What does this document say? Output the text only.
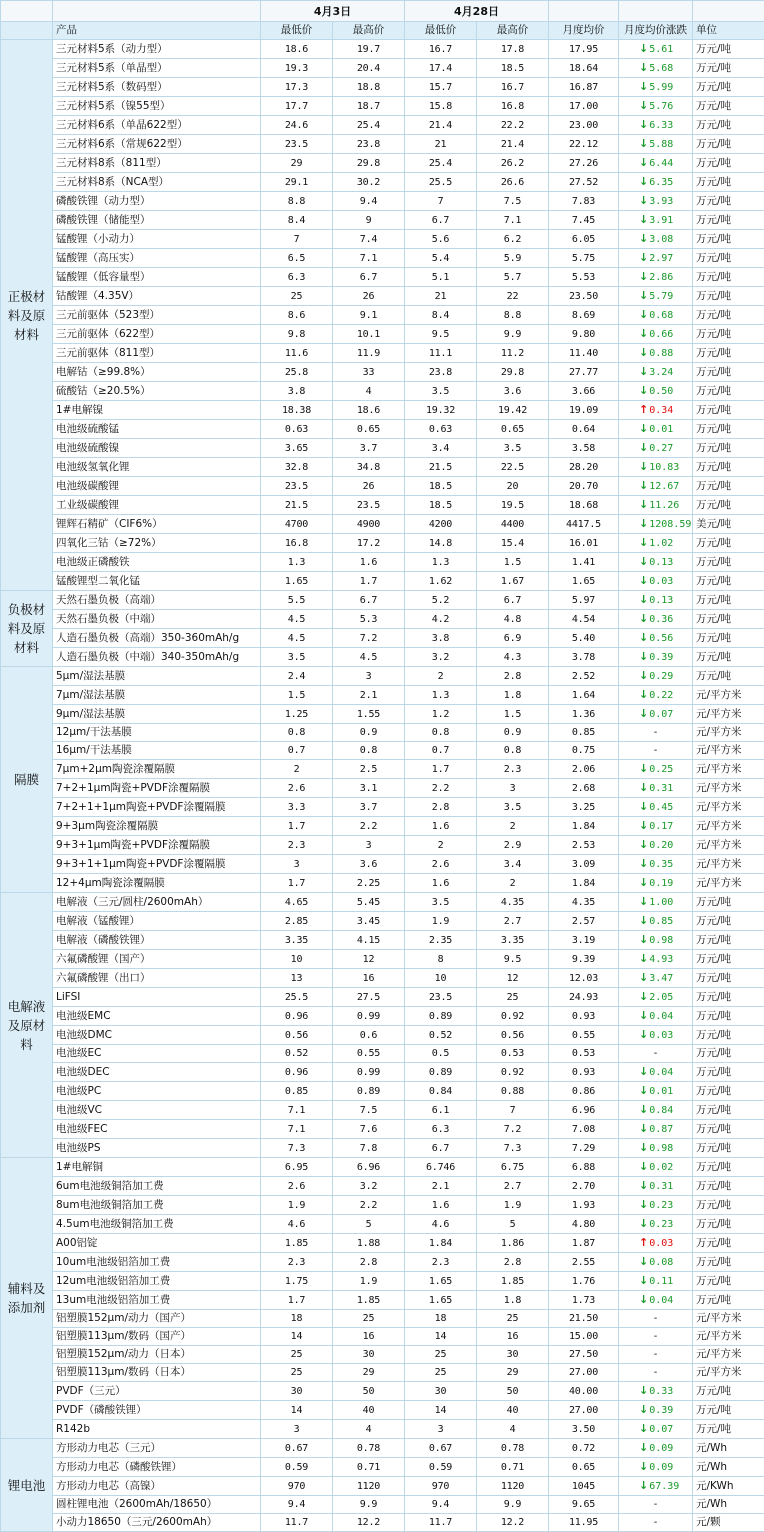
		4月3日		4月28日				
	产品	最低价	最高价	最低价	最高价	月度均价	月度均价涨跌	单位
正极材料及原材料	三元材料5系（动力型）	18.6	19.7	16.7	17.8	17.95	↓5.61	万元/吨
	三元材料5系（单晶型）	19.3	20.4	17.4	18.5	18.64	↓5.68	万元/吨
	三元材料5系（数码型）	17.3	18.8	15.7	16.7	16.87	↓5.99	万元/吨
	三元材料5系（镍55型）	17.7	18.7	15.8	16.8	17.00	↓5.76	万元/吨
	三元材料6系（单晶622型）	24.6	25.4	21.4	22.2	23.00	↓6.33	万元/吨
	三元材料6系（常规622型）	23.5	23.8	21	21.4	22.12	↓5.88	万元/吨
	三元材料8系（811型）	29	29.8	25.4	26.2	27.26	↓6.44	万元/吨
	三元材料8系（NCA型）	29.1	30.2	25.5	26.6	27.52	↓6.35	万元/吨
	磷酸铁锂（动力型）	8.8	9.4	7	7.5	7.83	↓3.93	万元/吨
	磷酸铁锂（储能型）	8.4	9	6.7	7.1	7.45	↓3.91	万元/吨
	锰酸锂（小动力）	7	7.4	5.6	6.2	6.05	↓3.08	万元/吨
	锰酸锂（高压实）	6.5	7.1	5.4	5.9	5.75	↓2.97	万元/吨
	锰酸锂（低容量型）	6.3	6.7	5.1	5.7	5.53	↓2.86	万元/吨
	钴酸锂（4.35V）	25	26	21	22	23.50	↓5.79	万元/吨
	三元前驱体（523型）	8.6	9.1	8.4	8.8	8.69	↓0.68	万元/吨
	三元前驱体（622型）	9.8	10.1	9.5	9.9	9.80	↓0.66	万元/吨
	三元前驱体（811型）	11.6	11.9	11.1	11.2	11.40	↓0.88	万元/吨
	电解钴（≥99.8%）	25.8	33	23.8	29.8	27.77	↓3.24	万元/吨
	硫酸钴（≥20.5%）	3.8	4	3.5	3.6	3.66	↓0.50	万元/吨
	1#电解镍	18.38	18.6	19.32	19.42	19.09	↑0.34	万元/吨
	电池级硫酸锰	0.63	0.65	0.63	0.65	0.64	↓0.01	万元/吨
	电池级硫酸镍	3.65	3.7	3.4	3.5	3.58	↓0.27	万元/吨
	电池级氢氧化锂	32.8	34.8	21.5	22.5	28.20	↓10.83	万元/吨
	电池级碳酸锂	23.5	26	18.5	20	20.70	↓12.67	万元/吨
	工业级碳酸锂	21.5	23.5	18.5	19.5	18.68	↓11.26	万元/吨
	锂辉石精矿（CIF6%）	4700	4900	4200	4400	4417.5	↓1208.59	美元/吨
	四氧化三钴（≥72%）	16.8	17.2	14.8	15.4	16.01	↓1.02	万元/吨
	电池级正磷酸铁	1.3	1.6	1.3	1.5	1.41	↓0.13	万元/吨
	锰酸锂型二氧化锰	1.65	1.7	1.62	1.67	1.65	↓0.03	万元/吨
负极材料及原材料	天然石墨负极（高端）	5.5	6.7	5.2	6.7	5.97	↓0.13	万元/吨
	天然石墨负极（中端）	4.5	5.3	4.2	4.8	4.54	↓0.36	万元/吨
	人造石墨负极（高端）350-360mAh/g	4.5	7.2	3.8	6.9	5.40	↓0.56	万元/吨
	人造石墨负极（中端）340-350mAh/g	3.5	4.5	3.2	4.3	3.78	↓0.39	万元/吨
隔膜	5μm/湿法基膜	2.4	3	2	2.8	2.52	↓0.29	万元/吨
	7μm/湿法基膜	1.5	2.1	1.3	1.8	1.64	↓0.22	元/平方米
	9μm/湿法基膜	1.25	1.55	1.2	1.5	1.36	↓0.07	元/平方米
	12μm/干法基膜	0.8	0.9	0.8	0.9	0.85	-	元/平方米
	16μm/干法基膜	0.7	0.8	0.7	0.8	0.75	-	元/平方米
	7μm+2μm陶瓷涂覆隔膜	2	2.5	1.7	2.3	2.06	↓0.25	元/平方米
	7+2+1μm陶瓷+PVDF涂覆隔膜	2.6	3.1	2.2	3	2.68	↓0.31	元/平方米
	7+2+1+1μm陶瓷+PVDF涂覆隔膜	3.3	3.7	2.8	3.5	3.25	↓0.45	元/平方米
	9+3μm陶瓷涂覆隔膜	1.7	2.2	1.6	2	1.84	↓0.17	元/平方米
	9+3+1μm陶瓷+PVDF涂覆隔膜	2.3	3	2	2.9	2.53	↓0.20	元/平方米
	9+3+1+1μm陶瓷+PVDF涂覆隔膜	3	3.6	2.6	3.4	3.09	↓0.35	元/平方米
	12+4μm陶瓷涂覆隔膜	1.7	2.25	1.6	2	1.84	↓0.19	元/平方米
电解液及原材料	电解液（三元/圆柱/2600mAh）	4.65	5.45	3.5	4.35	4.35	↓1.00	万元/吨
	电解液（锰酸锂）	2.85	3.45	1.9	2.7	2.57	↓0.85	万元/吨
	电解液（磷酸铁锂）	3.35	4.15	2.35	3.35	3.19	↓0.98	万元/吨
	六氟磷酸锂（国产）	10	12	8	9.5	9.39	↓4.93	万元/吨
	六氟磷酸锂（出口）	13	16	10	12	12.03	↓3.47	万元/吨
	LiFSI	25.5	27.5	23.5	25	24.93	↓2.05	万元/吨
	电池级EMC	0.96	0.99	0.89	0.92	0.93	↓0.04	万元/吨
	电池级DMC	0.56	0.6	0.52	0.56	0.55	↓0.03	万元/吨
	电池级EC	0.52	0.55	0.5	0.53	0.53	-	万元/吨
	电池级DEC	0.96	0.99	0.89	0.92	0.93	↓0.04	万元/吨
	电池级PC	0.85	0.89	0.84	0.88	0.86	↓0.01	万元/吨
	电池级VC	7.1	7.5	6.1	7	6.96	↓0.84	万元/吨
	电池级FEC	7.1	7.6	6.3	7.2	7.08	↓0.87	万元/吨
	电池级PS	7.3	7.8	6.7	7.3	7.29	↓0.98	万元/吨
辅料及添加剂	1#电解铜	6.95	6.96	6.746	6.75	6.88	↓0.02	万元/吨
	6um电池级铜箔加工费	2.6	3.2	2.1	2.7	2.70	↓0.31	万元/吨
	8um电池级铜箔加工费	1.9	2.2	1.6	1.9	1.93	↓0.23	万元/吨
	4.5um电池级铜箔加工费	4.6	5	4.6	5	4.80	↓0.23	万元/吨
	A00铝锭	1.85	1.88	1.84	1.86	1.87	↑0.03	万元/吨
	10um电池级铝箔加工费	2.3	2.8	2.3	2.8	2.55	↓0.08	万元/吨
	12um电池级铝箔加工费	1.75	1.9	1.65	1.85	1.76	↓0.11	万元/吨
	13um电池级铝箔加工费	1.7	1.85	1.65	1.8	1.73	↓0.04	万元/吨
	铝塑膜152μm/动力（国产）	18	25	18	25	21.50	-	元/平方米
	铝塑膜113μm/数码（国产）	14	16	14	16	15.00	-	元/平方米
	铝塑膜152μm/动力（日本）	25	30	25	30	27.50	-	元/平方米
	铝塑膜113μm/数码（日本）	25	29	25	29	27.00	-	元/平方米
	PVDF（三元）	30	50	30	50	40.00	↓0.33	万元/吨
	PVDF（磷酸铁锂）	14	40	14	40	27.00	↓0.39	万元/吨
	R142b	3	4	3	4	3.50	↓0.07	万元/吨
锂电池	方形动力电芯（三元）	0.67	0.78	0.67	0.78	0.72	↓0.09	元/Wh
	方形动力电芯（磷酸铁锂）	0.59	0.71	0.59	0.71	0.65	↓0.09	元/Wh
	方形动力电芯（高镍）	970	1120	970	1120	1045	↓67.39	元/KWh
	圆柱锂电池（2600mAh/18650）	9.4	9.9	9.4	9.9	9.65	-	元/Wh
	小动力18650（三元/2600mAh）	11.7	12.2	11.7	12.2	11.95	-	元/颗
